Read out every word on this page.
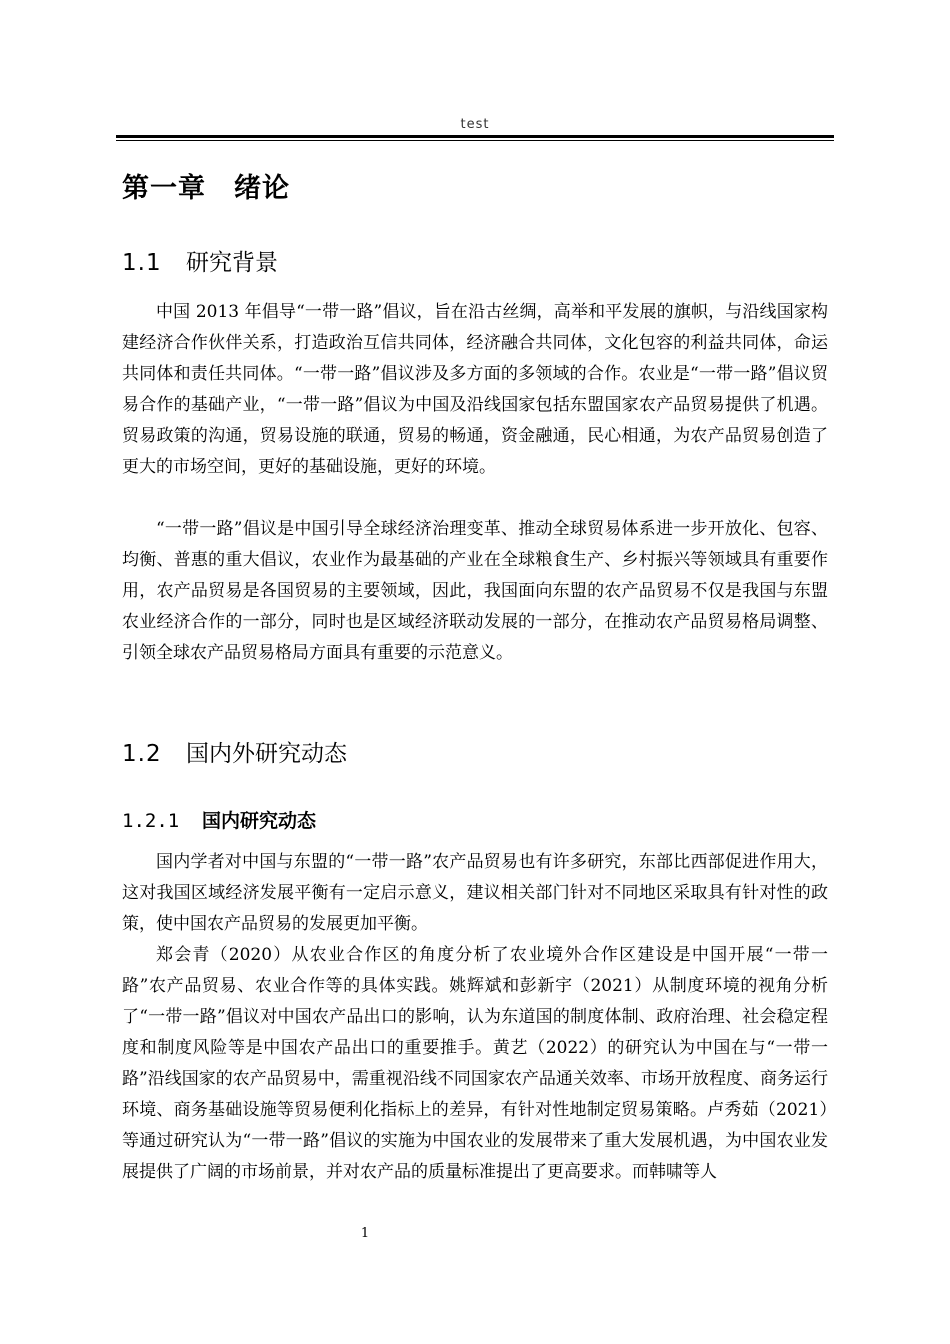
test
第一章　绪论
1.1	研究背景

中国 2013 年倡导“一带一路”倡议，旨在沿古丝绸，高举和平发展的旗帜，与沿线国家构建经济合作伙伴关系，打造政治互信共同体，经济融合共同体，文化包容的利益共同体，命运共同体和责任共同体。“一带一路”倡议涉及多方面的多领域的合作。农业是“一带一路”倡议贸易合作的基础产业，“一带一路”倡议为中国及沿线国家包括东盟国家农产品贸易提供了机遇。贸易政策的沟通，贸易设施的联通，贸易的畅通，资金融通，民心相通，为农产品贸易创造了更大的市场空间，更好的基础设施，更好的环境。

“一带一路”倡议是中国引导全球经济治理变革、推动全球贸易体系进一步开放化、包容、均衡、普惠的重大倡议，农业作为最基础的产业在全球粮食生产、乡村振兴等领域具有重要作用，农产品贸易是各国贸易的主要领域，因此，我国面向东盟的农产品贸易不仅是我国与东盟农业经济合作的一部分，同时也是区域经济联动发展的一部分，在推动农产品贸易格局调整、引领全球农产品贸易格局方面具有重要的示范意义。

1.2	国内外研究动态
1.2.1	国内研究动态

国内学者对中国与东盟的“一带一路”农产品贸易也有许多研究，东部比西部促进作用大，这对我国区域经济发展平衡有一定启示意义，建议相关部门针对不同地区采取具有针对性的政策，使中国农产品贸易的发展更加平衡。

郑会青（2020）从农业合作区的角度分析了农业境外合作区建设是中国开展“一带一路”农产品贸易、农业合作等的具体实践。姚辉斌和彭新宇（2021）从制度环境的视角分析了“一带一路”倡议对中国农产品出口的影响，认为东道国的制度体制、政府治理、社会稳定程度和制度风险等是中国农产品出口的重要推手。黄艺（2022）的研究认为中国在与“一带一路”沿线国家的农产品贸易中，需重视沿线不同国家农产品通关效率、市场开放程度、商务运行环境、商务基础设施等贸易便利化指标上的差异，有针对性地制定贸易策略。卢秀茹（2021）等通过研究认为“一带一路”倡议的实施为中国农业的发展带来了重大发展机遇，为中国农业发展提供了广阔的市场前景，并对农产品的质量标准提出了更高要求。而韩啸等人

1
